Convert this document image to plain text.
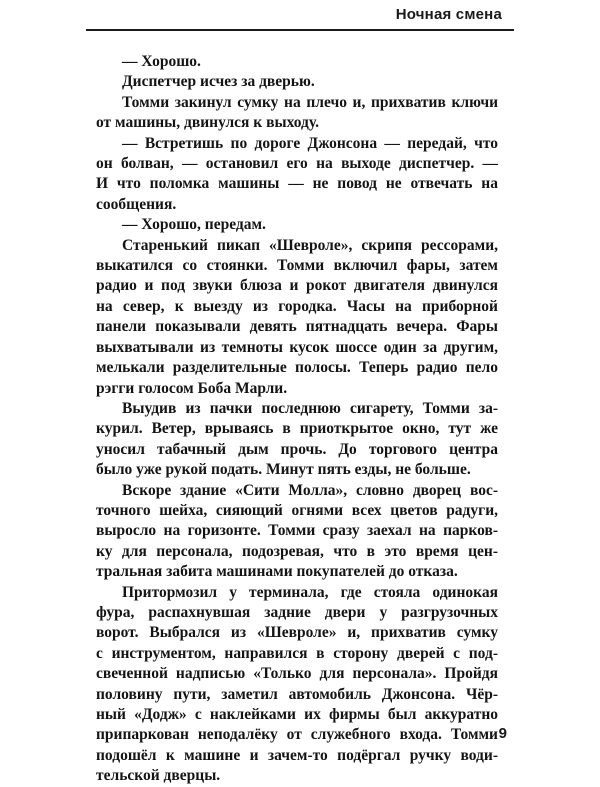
Ночная смена
— Хорошо.
Диспетчер исчез за дверью.
Томми закинул сумку на плечо и, прихватив ключи
от машины, двинулся к выходу.
— Встретишь по дороге Джонсона — передай, что
он болван, — остановил его на выходе диспетчер. —
И что поломка машины — не повод не отвечать на
сообщения.
— Хорошо, передам.
Старенький пикап «Шевроле», скрипя рессорами,
выкатился со стоянки. Томми включил фары, затем
радио и под звуки блюза и рокот двигателя двинулся
на север, к выезду из городка. Часы на приборной
панели показывали девять пятнадцать вечера. Фары
выхватывали из темноты кусок шоссе один за другим,
мелькали разделительные полосы. Теперь радио пело
рэгги голосом Боба Марли.
Выудив из пачки последнюю сигарету, Томми за-
курил. Ветер, врываясь в приоткрытое окно, тут же
уносил табачный дым прочь. До торгового центра
было уже рукой подать. Минут пять езды, не больше.
Вскоре здание «Сити Молла», словно дворец вос-
точного шейха, сияющий огнями всех цветов радуги,
выросло на горизонте. Томми сразу заехал на парков-
ку для персонала, подозревая, что в это время цен-
тральная забита машинами покупателей до отказа.
Притормозил у терминала, где стояла одинокая
фура, распахнувшая задние двери у разгрузочных
ворот. Выбрался из «Шевроле» и, прихватив сумку
с инструментом, направился в сторону дверей с под-
свеченной надписью «Только для персонала». Пройдя
половину пути, заметил автомобиль Джонсона. Чёр-
ный «Додж» с наклейками их фирмы был аккуратно
припаркован неподалёку от служебного входа. Томми
подошёл к машине и зачем-то подёргал ручку води-
тельской дверцы.
9
